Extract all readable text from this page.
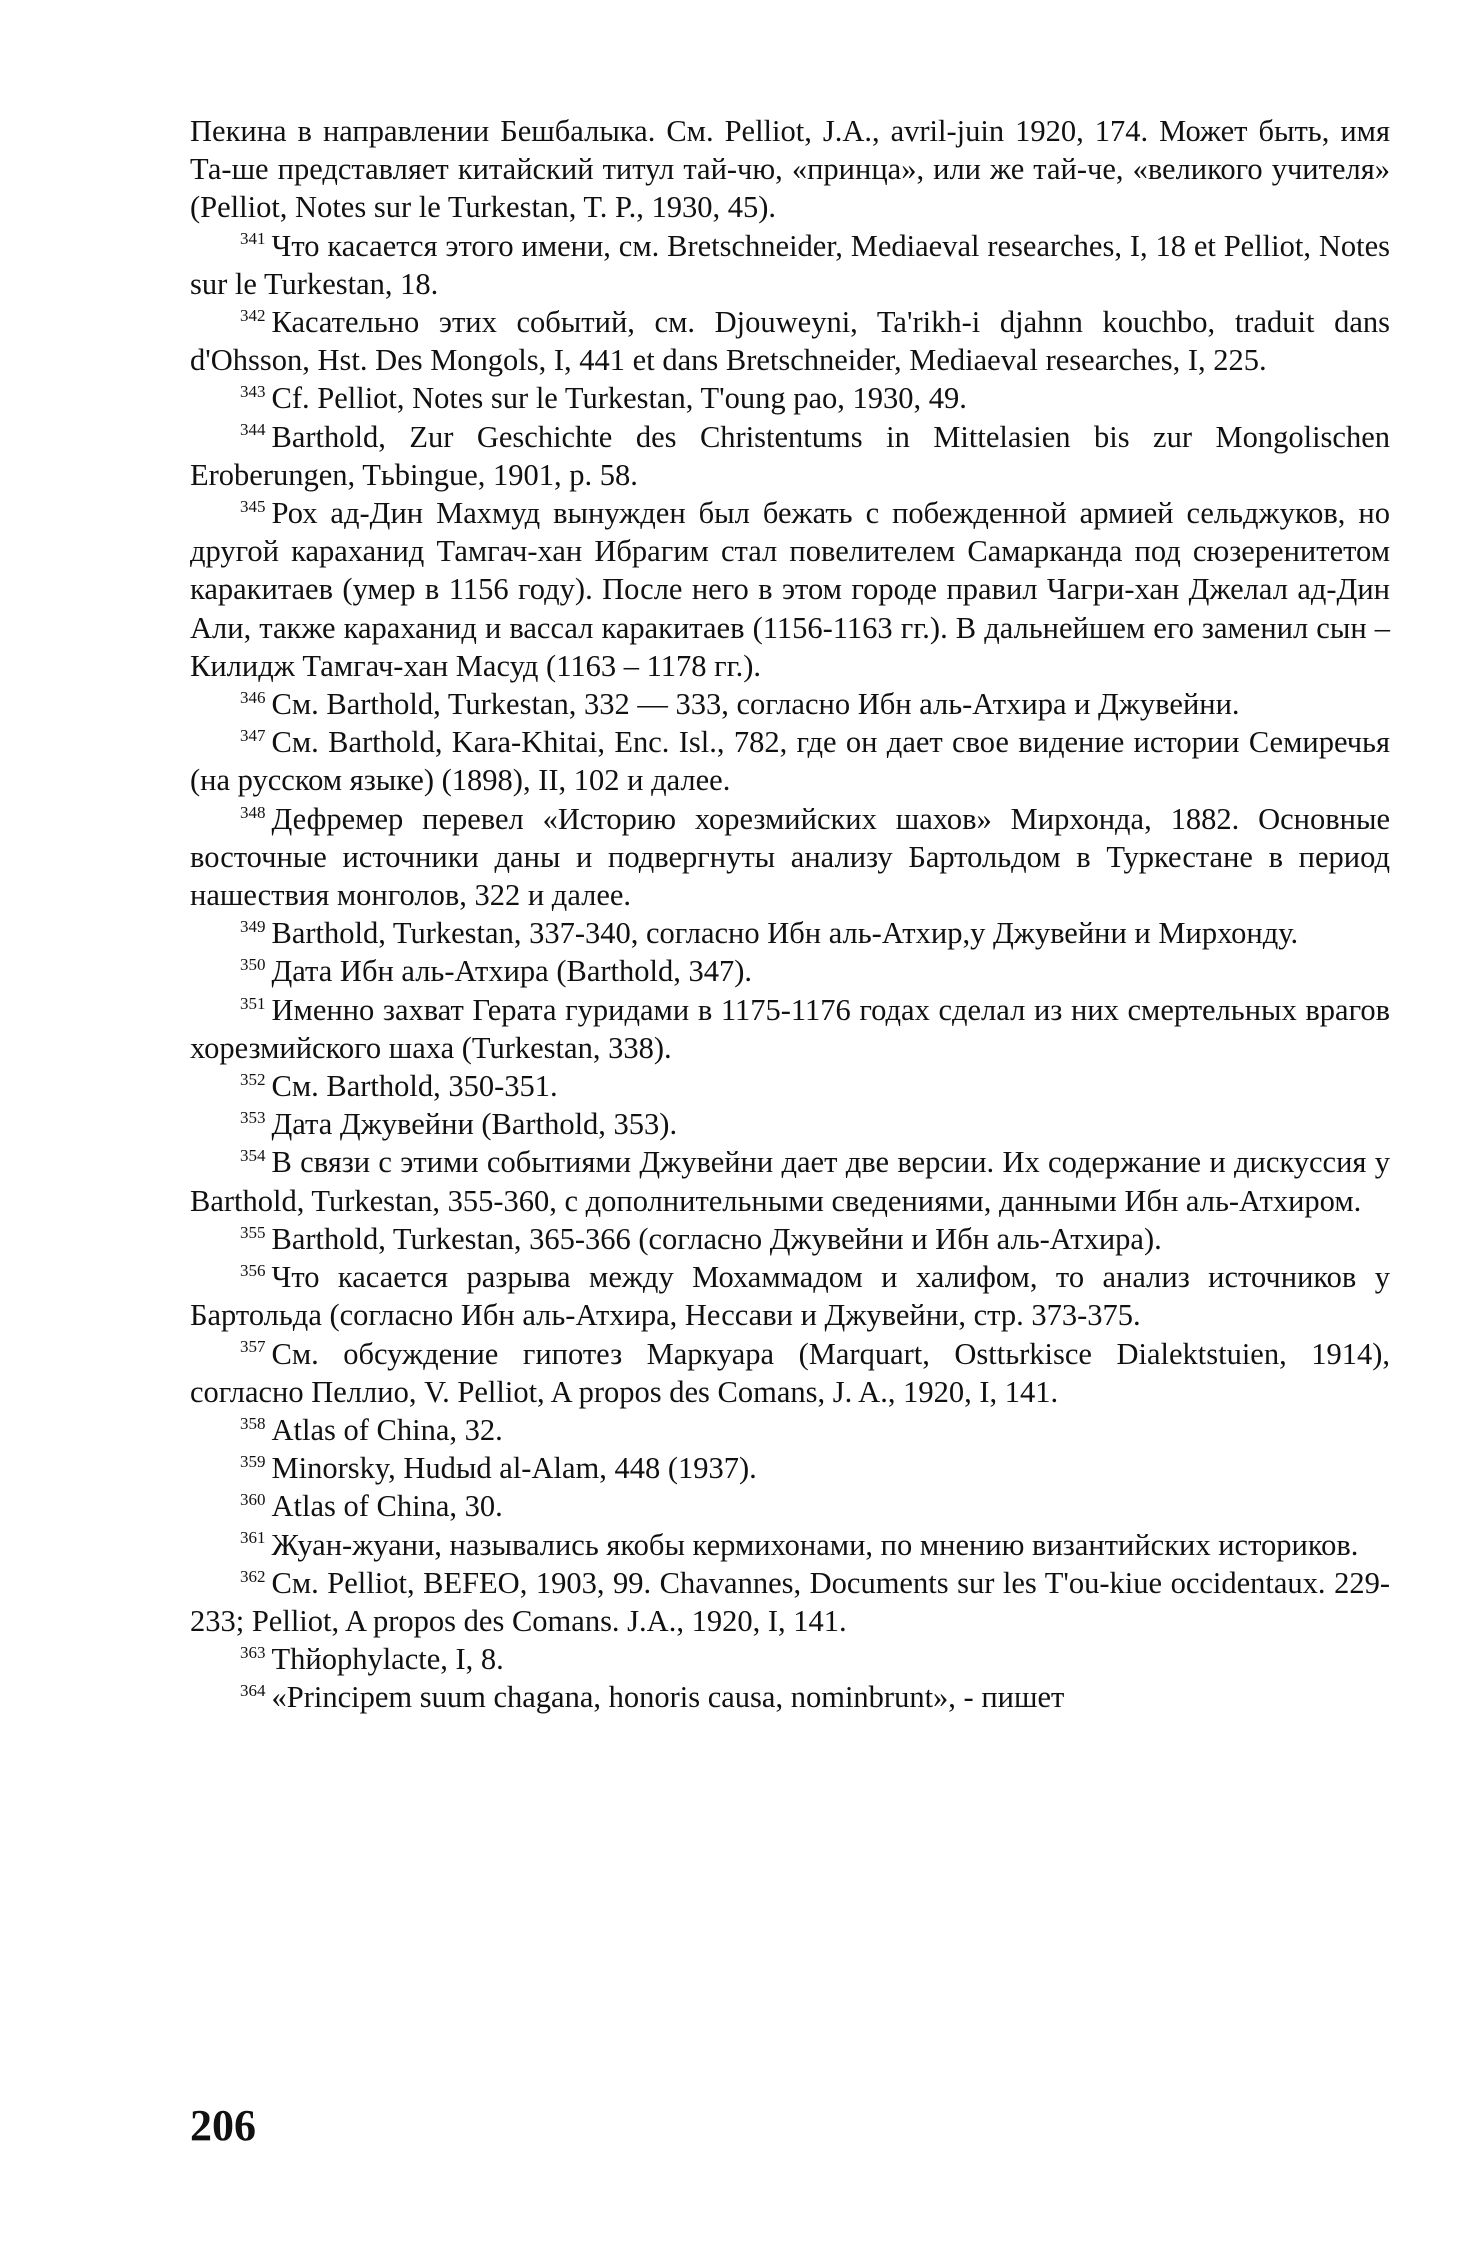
Пекина в направлении Бешбалыка. См. Pelliot, J.A., avril-juin 1920, 174. Может быть, имя Та-ше представляет китайский титул тай-чю, «принца», или же тай-че, «великого учителя» (Pelliot, Notes sur le Turkestan, T. P., 1930, 45).

$^{341}$ Что касается этого имени, см. Bretschneider, Mediaeval researches, I, 18 et Pelliot, Notes sur le Turkestan, 18.

$^{342}$ Касательно этих событий, см. Djouweyni, Ta'rikh-i djahnn kouchbo, traduit dans d'Ohsson, Hst. Des Mongols, I, 441 et dans Bretschneider, Mediaeval researches, I, 225.

$^{343}$ Cf. Pelliot, Notes sur le Turkestan, T'oung pao, 1930, 49.

$^{344}$ Barthold, Zur Geschichte des Christentums in Mittelasien bis zur Mongolischen Eroberungen, Tьbingue, 1901, p. 58.

$^{345}$ Рох ад-Дин Махмуд вынужден был бежать с побежденной армией сельджуков, но другой караханид Тамгач-хан Ибрагим стал повелителем Самарканда под сюзеренитетом каракитаев (умер в 1156 году). После него в этом городе правил Чагри-хан Джелал ад-Дин Али, также караханид и вассал каракитаев (1156-1163 гг.). В дальнейшем его заменил сын – Килидж Тамгач-хан Масуд (1163 – 1178 гг.).

$^{346}$ См. Barthold, Turkestan, 332 — 333, согласно Ибн аль-Атхира и Джувейни.

$^{347}$ См. Barthold, Kara-Khitai, Enc. Isl., 782, где он дает свое видение истории Семиречья (на русском языке) (1898), II, 102 и далее.

$^{348}$ Дефремер перевел «Историю хорезмийских шахов» Мирхонда, 1882. Основные восточные источники даны и подвергнуты анализу Бартольдом в Туркестане в период нашествия монголов, 322 и далее.

$^{349}$ Barthold, Turkestan, 337-340, согласно Ибн аль-Атхир,у Джувейни и Мирхонду.

$^{350}$ Дата Ибн аль-Атхира (Barthold, 347).

$^{351}$ Именно захват Герата гуридами в 1175-1176 годах сделал из них смертельных врагов хорезмийского шаха (Turkestan, 338).

$^{352}$ См. Barthold, 350-351.

$^{353}$ Дата Джувейни (Barthold, 353).

$^{354}$ В связи с этими событиями Джувейни дает две версии. Их содержание и дискуссия у Barthold, Turkestan, 355-360, с дополнительными сведениями, данными Ибн аль-Атхиром.

$^{355}$ Barthold, Turkestan, 365-366 (согласно Джувейни и Ибн аль-Атхира).

$^{356}$ Что касается разрыва между Мохаммадом и халифом, то анализ источников у Бартольда (согласно Ибн аль-Атхира, Нессави и Джувейни, стр. 373-375.

$^{357}$ См. обсуждение гипотез Маркуара (Marquart, Osttьrkisce Dialektstuien, 1914), согласно Пеллио, V. Pelliot, A propos des Comans, J. A., 1920, I, 141.

$^{358}$ Atlas of China, 32.

$^{359}$ Minorsky, Hudыd al-Alam, 448 (1937).

$^{360}$ Atlas of China, 30.

$^{361}$ Жуан-жуани, назывались якобы кермихонами, по мнению византийских историков.

$^{362}$ См. Pelliot, BEFEO, 1903, 99. Chavannes, Documents sur les T'ou-kiue occidentaux. 229-233; Pelliot, A propos des Comans. J.A., 1920, I, 141.

$^{363}$ Thйophylacte, I, 8.

$^{364}$ «Principem suum chagana, honoris causa, nominbrunt», - пишет

206
